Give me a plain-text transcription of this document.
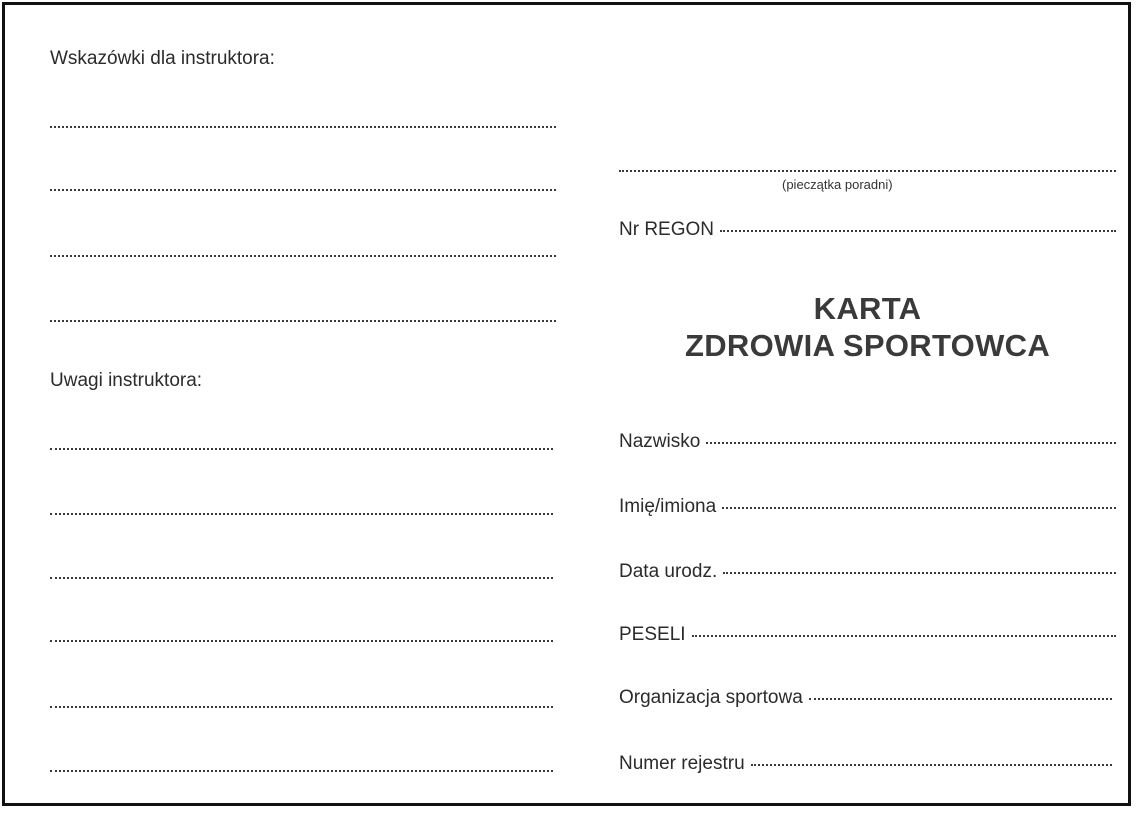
Wskazówki dla instruktora:
Uwagi instruktora:
(pieczątka poradni)
Nr REGON
KARTA
ZDROWIA SPORTOWCA
Nazwisko
Imię/imiona
Data urodz.
PESELI
Organizacja sportowa
Numer rejestru
